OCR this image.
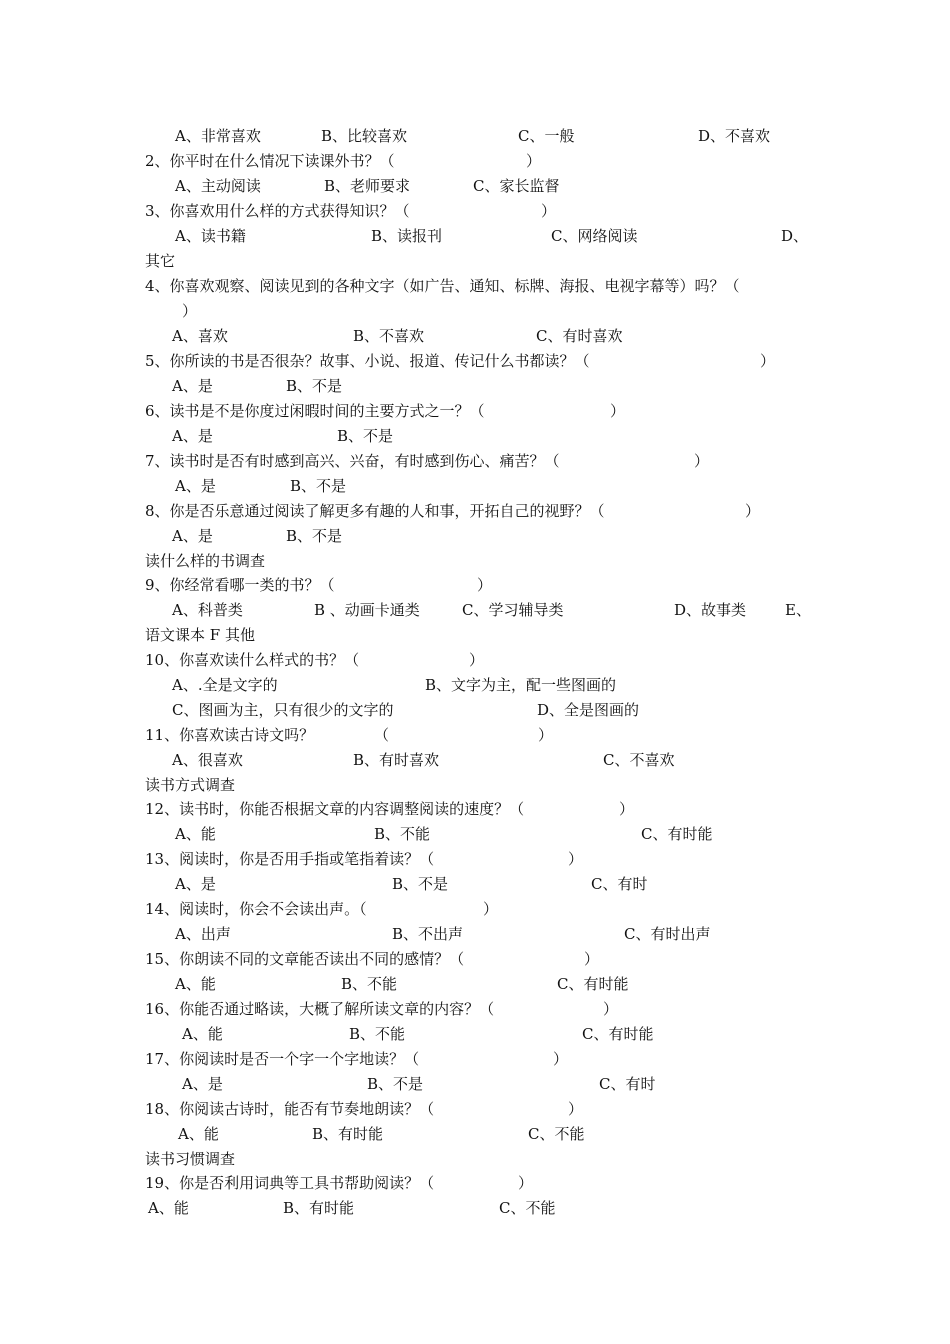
A、非常喜欢	B、比较喜欢	C、一般	D、不喜欢
2、你平时在什么情况下读课外书？（	）
A、主动阅读	B、老师要求	C、家长监督
3、你喜欢用什么样的方式获得知识？（	）
A、读书籍	B、读报刊	C、网络阅读	D、
其它
4、你喜欢观察、阅读见到的各种文字（如广告、通知、标牌、海报、电视字幕等）吗？（
）
A、喜欢	B、不喜欢	C、有时喜欢
5、你所读的书是否很杂？故事、小说、报道、传记什么书都读？（	）
A、是	B、不是
6、读书是不是你度过闲暇时间的主要方式之一？（	）
A、是	B、不是
7、读书时是否有时感到高兴、兴奋，有时感到伤心、痛苦？（	）
A、是	B、不是
8、你是否乐意通过阅读了解更多有趣的人和事，开拓自己的视野？（	）
A、是	B、不是
读什么样的书调查
9、你经常看哪一类的书？（	）
A、科普类	B 、动画卡通类	C、学习辅导类	D、故事类	E、
语文课本 F 其他
10、你喜欢读什么样式的书？（	）
A、.全是文字的	B、文字为主，配一些图画的
C、图画为主，只有很少的文字的	D、全是图画的
11、你喜欢读古诗文吗？	（	）
A、很喜欢	B、有时喜欢	C、不喜欢
读书方式调查
12、读书时，你能否根据文章的内容调整阅读的速度？（	）
A、能	B、不能	C、有时能
13、阅读时，你是否用手指或笔指着读？（	）
A、是	B、不是	C、有时
14、阅读时，你会不会读出声。（	）
A、出声	B、不出声	C、有时出声
15、你朗读不同的文章能否读出不同的感情？（	）
A、能	B、不能	C、有时能
16、你能否通过略读，大概了解所读文章的内容？（	）
A、能	B、不能	C、有时能
17、你阅读时是否一个字一个字地读？（	）
A、是	B、不是	C、有时
18、你阅读古诗时，能否有节奏地朗读？（	）
A、能	B、有时能	C、不能
读书习惯调查
19、你是否利用词典等工具书帮助阅读？（	）
A、能	B、有时能	C、不能
